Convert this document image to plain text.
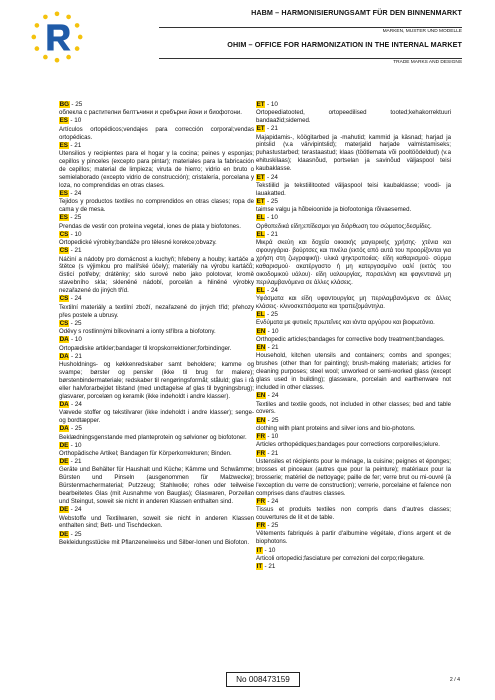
HABM – HARMONISIERUNGSAMT FÜR DEN BINNENMARKT
MARKEN, MUSTER UND MODELLE
OHIM – OFFICE FOR HARMONIZATION IN THE INTERNAL MARKET
TRADE MARKS AND DESIGNS
BG - 25

облекла с растителни бeлтъчини и сребърни йони и биофотони.

ES - 10

Artículos ortopédicos;vendajes para corrección corporal;vendas ortopédicas.

ES - 21

Utensilios y recipientes para el hogar y la cocina; peines y esponjas; cepillos y pinceles (excepto para pintar); materiales para la fabricación de cepillos; material de limpieza; viruta de hierro; vidrio en bruto o semielaborado (excepto vidrio de construcción); cristalería, porcelana y loza, no comprendidas en otras clases.

ES - 24

Tejidos y productos textiles no comprendidos en otras clases; ropa de cama y de mesa.

ES - 25

Prendas de vestir con proteína vegetal, iones de plata y biofotones.

CS - 10

Ortopedické výrobky;bandáže pro tělesné korekce;obvazy.

CS - 21

Náčiní a nádoby pro domácnost a kuchyň; hřebeny a houby; kartáče a štětce (s výjimkou pro malířské účely); materiály na výrobu kartáčů; čisticí potřeby; drátěnky; sklo surové nebo jako polotovar, kromě stavebního skla; skleněné nádobí, porcelán a hliněné výrobky nezařazené do jiných tříd.

CS - 24

Textilní materiály a textilní zboží, nezařazené do jiných tříd; přehozy přes postele a ubrusy.

CS - 25

Oděvy s rostlinnými bílkovinami a ionty stříbra a biofotony.

DA - 10

Ortopædiske artikler;bandager til kropskorrektioner;forbindinger.

DA - 21

Husholdnings- og køkkenredskaber samt beholdere; kamme og svampe; børster og pensler (ikke til brug for malere); børstenbindermateriale; redskaber til rengøringsformål; ståluld; glas i rå eller halvforarbejdet tilstand (med undtagelse af glas til bygningsbrug); glasvarer, porcelæn og keramik (ikke indeholdt i andre klasser).

DA - 24

Vævede stoffer og tekstilvarer (ikke indeholdt i andre klasser); senge- og bordtæpper.

DA - 25

Beklædningsgenstande med planteprotein og sølvioner og biofotoner.

DE - 10

Orthopädische Artikel; Bandagen für Körperkorrekturen; Binden.

DE - 21

Geräte und Behälter für Haushalt und Küche; Kämme und Schwämme; Bürsten und Pinseln (ausgenommen für Malzwecke); Bürstenmachermaterial; Putzzeug; Stahlwolle; rohes oder teilweise bearbeitetes Glas (mit Ausnahme von Bauglas); Glaswaren, Porzellan und Steingut, soweit sie nicht in anderen Klassen enthalten sind.

DE - 24

Webstoffe und Textilwaren, soweit sie nicht in anderen Klassen enthalten sind; Bett- und Tischdecken.

DE - 25

Bekleidungsstücke mit Pflanzeneiweiss und Silber-Ionen und Biofoton.

ET - 10

Ortopeediatooted, ortopeedilised tooted;kehakorrektuuri bandaažid;sidemed.

ET - 21

Majapidamis-, köögitarbed ja -mahutid; kammid ja käsnad; harjad ja pintslid (v.a värvipintslid); materjalid harjade valmistamiseks; puhastustarbed; terastaastud; klaas (töötlemata või pooltöödeldud) (v.a ehituskilaas); klaasnõud, portselan ja savinõud väljaspool teisi kaubaklasse.

ET - 24

Tekstiilid ja tekstiilitooted väljaspool teisi kaubaklasse; voodi- ja lauakatted.

ET - 25

taimse valgu ja hõbeioonide ja biofootoniga rõivaesemed.

EL - 10

Ορθοπεδικά είδη;επίδεσμοι για διόρθωση του σώματος;δεσμίδες.

EL - 21

Μικρά σκεύη και δοχεία οικιακής μαγειρικής χρήσης· χτένια και σφουγγάρια· βούρτσες και πινέλα (εκτός από αυτά του προορίζονται για χρήση στη ζωγραφική)· υλικά ψηκτροποιίας· είδη καθαρισμού· σύρμα καθαρισμού· ακατέργαστο ή μη κατεργασμένο υαλί (εκτός του οικοδομικού υάλου)· είδη υαλουργίας, πορσελάνη και φαγεντιανά μη περιλαμβανόμενα σε άλλες κλάσεις.

EL - 24

Υφάσματα και είδη υφαντουργίας μη περιλαμβανόμενα σε άλλες κλάσεις· κλινοσκεπάσματα και τραπεζομάντηλα.

EL - 25

Ενδύματα με φυτικές πρωτεΐνες και ιόντα αργύρου και βιοφωτόνιο.

EN - 10

Orthopedic articles;bandages for corrective body treatment;bandages.

EN - 21

Household, kitchen utensils and containers; combs and sponges; brushes (other than for painting); brush-making materials; articles for cleaning purposes; steel wool; unworked or semi-worked glass (except glass used in building); glassware, porcelain and earthenware not included in other classes.

EN - 24

Textiles and textile goods, not included in other classes; bed and table covers.

EN - 25

clothing with plant proteins and silver ions and bio-photons.

FR - 10

Articles orthopédiques;bandages pour corrections corporelles;ielure.

FR - 21

Ustensiles et récipients pour le ménage, la cuisine; peignes et éponges; brosses et pinceaux (autres que pour la peinture); matériaux pour la brosserie; matériel de nettoyage; paille de fer; verre brut ou mi-ouvré (à l'exception du verre de construction); verrerie, porcelaine et faïence non comprises dans d'autres classes.

FR - 24

Tissus et produits textiles non compris dans d'autres classes; couvertures de lit et de table.

FR - 25

Vêtements fabriqués à partir d'albumine végétale, d'ions argent et de biophotons.

IT - 10

Articoli ortopedici;fasciature per correzioni del corpo;rilegature.

IT - 21
No 008473159	2 / 4
